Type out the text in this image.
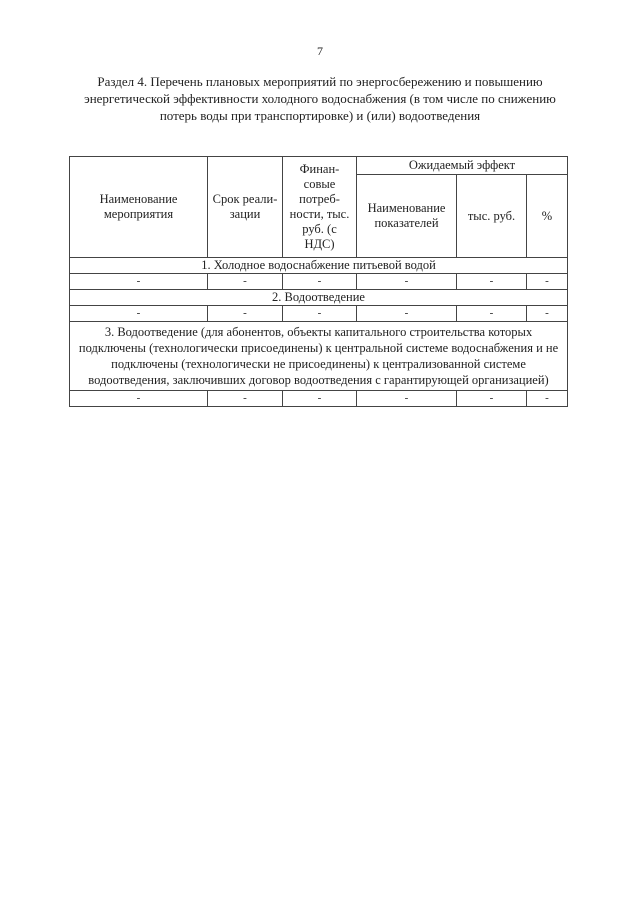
7
Раздел 4. Перечень плановых мероприятий по энергосбережению и повышению энергетической эффективности холодного водоснабжения (в том числе по снижению потерь воды при транспортировке) и (или) водоотведения
Наименование мероприятия	Срок реали-зации	Финан-совые потреб-ности, тыс. руб. (с НДС)	Ожидаемый эффект		
			Наименование показателей	тыс. руб.	%
1. Холодное водоснабжение питьевой водой					
-	-	-	-	-	-
2. Водоотведение					
-	-	-	-	-	-
3. Водоотведение (для абонентов, объекты капитального строительства которых подключены (технологически присоединены) к центральной системе водоснабжения и не подключены (технологически не присоединены) к централизованной системе водоотведения, заключивших договор водоотведения с гарантирующей организацией)					
-	-	-	-	-	-
